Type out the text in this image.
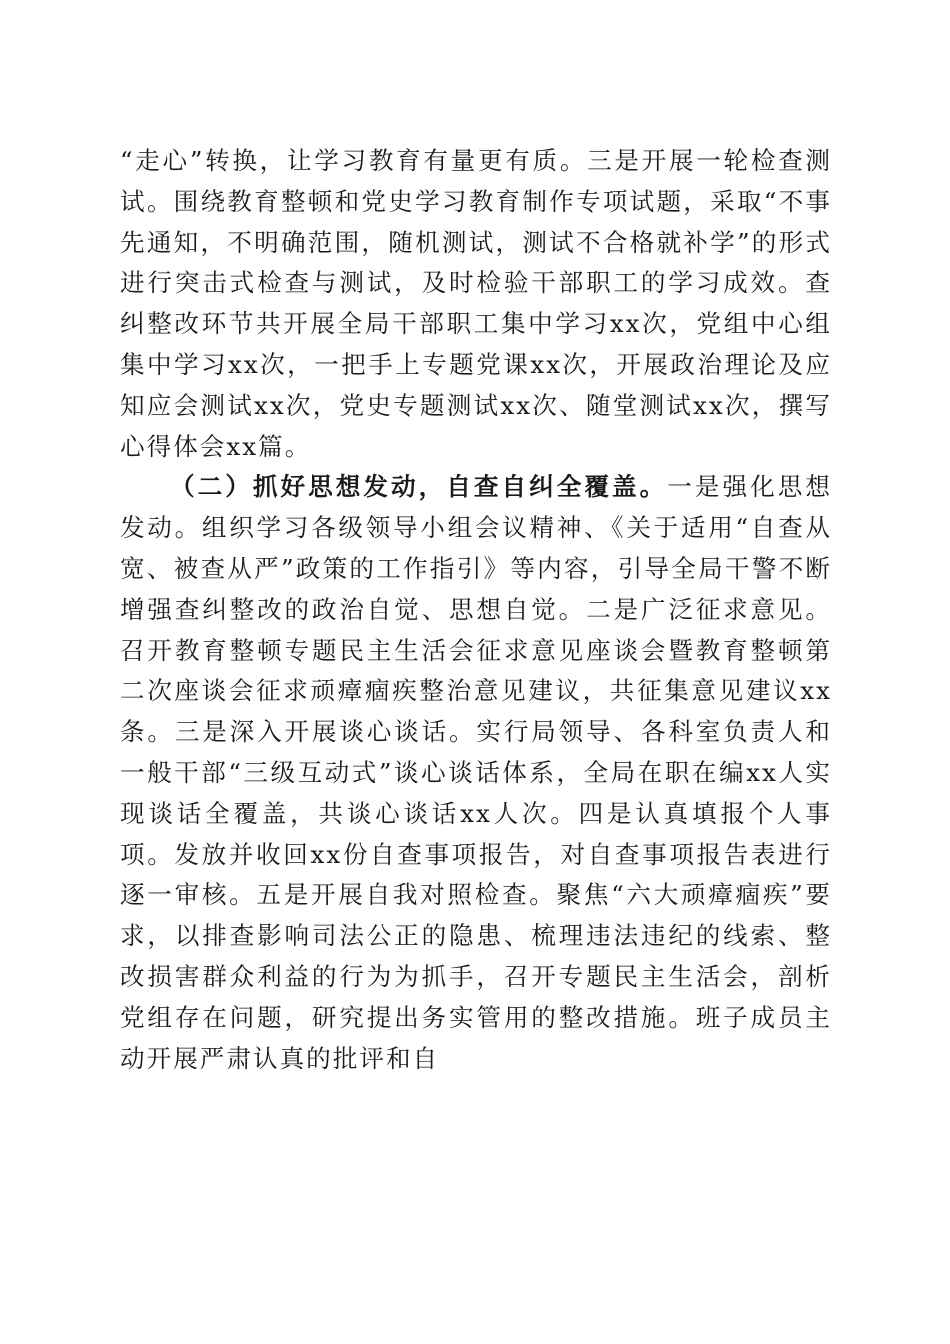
“走心”转换，让学习教育有量更有质。三是开展一轮检查测试。围绕教育整顿和党史学习教育制作专项试题，采取“不事先通知，不明确范围，随机测试，测试不合格就补学”的形式进行突击式检查与测试，及时检验干部职工的学习成效。查纠整改环节共开展全局干部职工集中学习xx次，党组中心组集中学习xx次，一把手上专题党课xx次，开展政治理论及应知应会测试xx次，党史专题测试xx次、随堂测试xx次，撰写心得体会xx篇。

（二）抓好思想发动，自查自纠全覆盖。一是强化思想发动。组织学习各级领导小组会议精神、《关于适用“自查从宽、被查从严”政策的工作指引》等内容，引导全局干警不断增强查纠整改的政治自觉、思想自觉。二是广泛征求意见。召开教育整顿专题民主生活会征求意见座谈会暨教育整顿第二次座谈会征求顽瘴痼疾整治意见建议，共征集意见建议xx条。三是深入开展谈心谈话。实行局领导、各科室负责人和一般干部“三级互动式”谈心谈话体系，全局在职在编xx人实现谈话全覆盖，共谈心谈话xx人次。四是认真填报个人事项。发放并收回xx份自查事项报告，对自查事项报告表进行逐一审核。五是开展自我对照检查。聚焦“六大顽瘴痼疾”要求，以排查影响司法公正的隐患、梳理违法违纪的线索、整改损害群众利益的行为为抓手，召开专题民主生活会，剖析党组存在问题，研究提出务实管用的整改措施。班子成员主动开展严肃认真的批评和自
